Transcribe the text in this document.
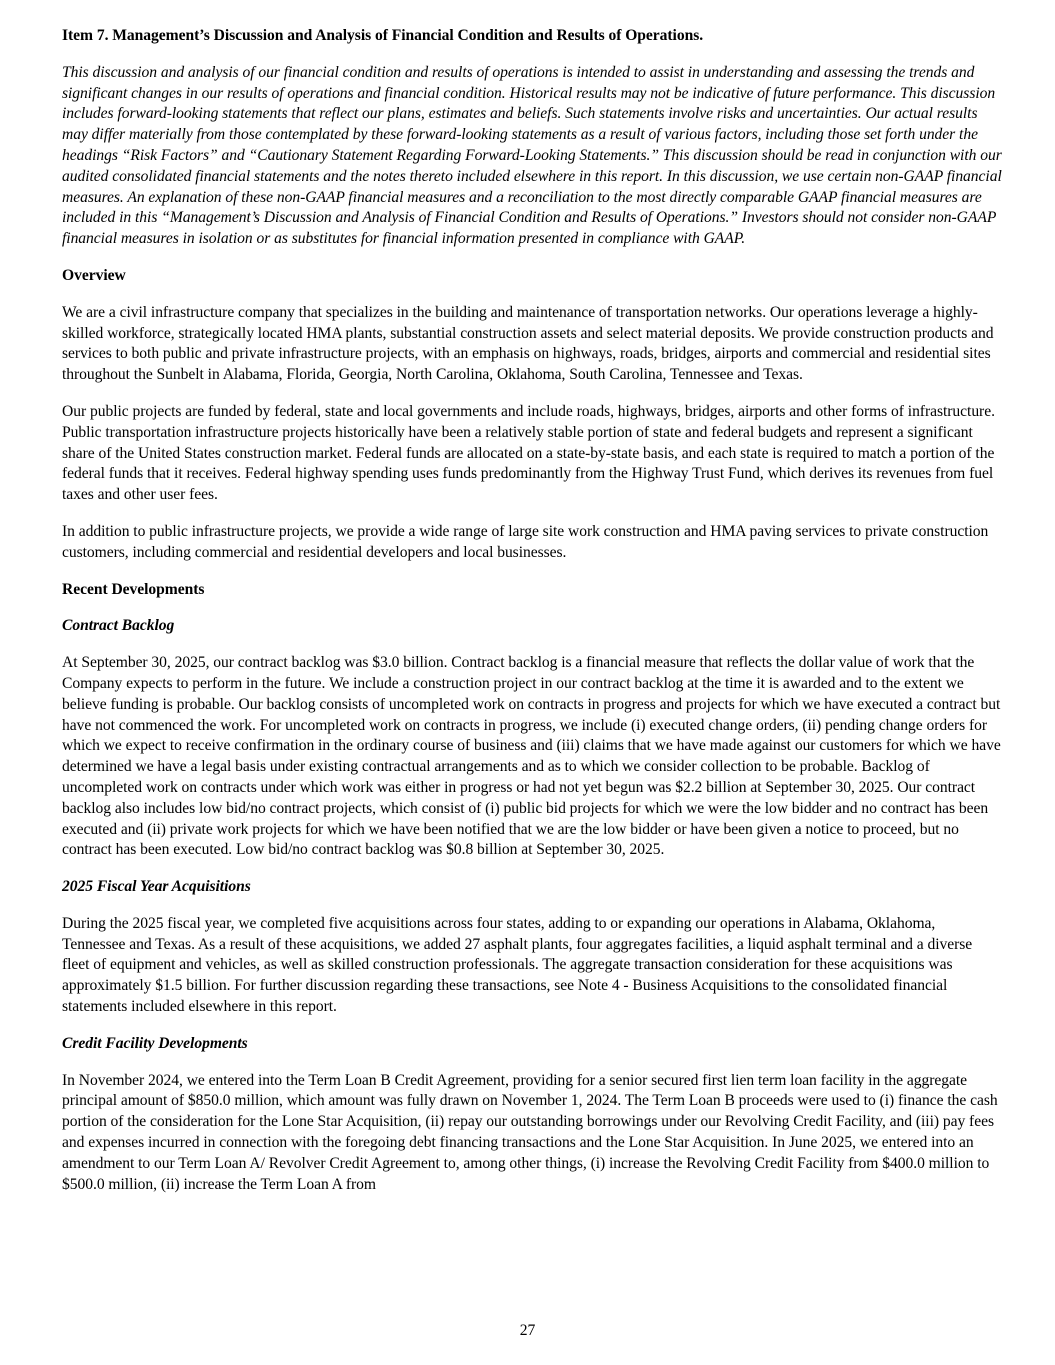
Item 7. Management’s Discussion and Analysis of Financial Condition and Results of Operations.

This discussion and analysis of our financial condition and results of operations is intended to assist in understanding and assessing the trends and significant changes in our results of operations and financial condition. Historical results may not be indicative of future performance. This discussion includes forward-looking statements that reflect our plans, estimates and beliefs. Such statements involve risks and uncertainties. Our actual results may differ materially from those contemplated by these forward-looking statements as a result of various factors, including those set forth under the headings “Risk Factors” and “Cautionary Statement Regarding Forward-Looking Statements.” This discussion should be read in conjunction with our audited consolidated financial statements and the notes thereto included elsewhere in this report. In this discussion, we use certain non-GAAP financial measures. An explanation of these non-GAAP financial measures and a reconciliation to the most directly comparable GAAP financial measures are included in this “Management’s Discussion and Analysis of Financial Condition and Results of Operations.” Investors should not consider non-GAAP financial measures in isolation or as substitutes for financial information presented in compliance with GAAP.

Overview

We are a civil infrastructure company that specializes in the building and maintenance of transportation networks. Our operations leverage a highly-skilled workforce, strategically located HMA plants, substantial construction assets and select material deposits. We provide construction products and services to both public and private infrastructure projects, with an emphasis on highways, roads, bridges, airports and commercial and residential sites throughout the Sunbelt in Alabama, Florida, Georgia, North Carolina, Oklahoma, South Carolina, Tennessee and Texas.

Our public projects are funded by federal, state and local governments and include roads, highways, bridges, airports and other forms of infrastructure. Public transportation infrastructure projects historically have been a relatively stable portion of state and federal budgets and represent a significant share of the United States construction market. Federal funds are allocated on a state-by-state basis, and each state is required to match a portion of the federal funds that it receives. Federal highway spending uses funds predominantly from the Highway Trust Fund, which derives its revenues from fuel taxes and other user fees.

In addition to public infrastructure projects, we provide a wide range of large site work construction and HMA paving services to private construction customers, including commercial and residential developers and local businesses.

Recent Developments

Contract Backlog

At September 30, 2025, our contract backlog was $3.0 billion. Contract backlog is a financial measure that reflects the dollar value of work that the Company expects to perform in the future. We include a construction project in our contract backlog at the time it is awarded and to the extent we believe funding is probable. Our backlog consists of uncompleted work on contracts in progress and projects for which we have executed a contract but have not commenced the work. For uncompleted work on contracts in progress, we include (i) executed change orders, (ii) pending change orders for which we expect to receive confirmation in the ordinary course of business and (iii) claims that we have made against our customers for which we have determined we have a legal basis under existing contractual arrangements and as to which we consider collection to be probable. Backlog of uncompleted work on contracts under which work was either in progress or had not yet begun was $2.2 billion at September 30, 2025. Our contract backlog also includes low bid/no contract projects, which consist of (i) public bid projects for which we were the low bidder and no contract has been executed and (ii) private work projects for which we have been notified that we are the low bidder or have been given a notice to proceed, but no contract has been executed. Low bid/no contract backlog was $0.8 billion at September 30, 2025.

2025 Fiscal Year Acquisitions

During the 2025 fiscal year, we completed five acquisitions across four states, adding to or expanding our operations in Alabama, Oklahoma, Tennessee and Texas. As a result of these acquisitions, we added 27 asphalt plants, four aggregates facilities, a liquid asphalt terminal and a diverse fleet of equipment and vehicles, as well as skilled construction professionals. The aggregate transaction consideration for these acquisitions was approximately $1.5 billion. For further discussion regarding these transactions, see Note 4 - Business Acquisitions to the consolidated financial statements included elsewhere in this report.

Credit Facility Developments

In November 2024, we entered into the Term Loan B Credit Agreement, providing for a senior secured first lien term loan facility in the aggregate principal amount of $850.0 million, which amount was fully drawn on November 1, 2024. The Term Loan B proceeds were used to (i) finance the cash portion of the consideration for the Lone Star Acquisition, (ii) repay our outstanding borrowings under our Revolving Credit Facility, and (iii) pay fees and expenses incurred in connection with the foregoing debt financing transactions and the Lone Star Acquisition. In June 2025, we entered into an amendment to our Term Loan A/ Revolver Credit Agreement to, among other things, (i) increase the Revolving Credit Facility from $400.0 million to $500.0 million, (ii) increase the Term Loan A from

27
